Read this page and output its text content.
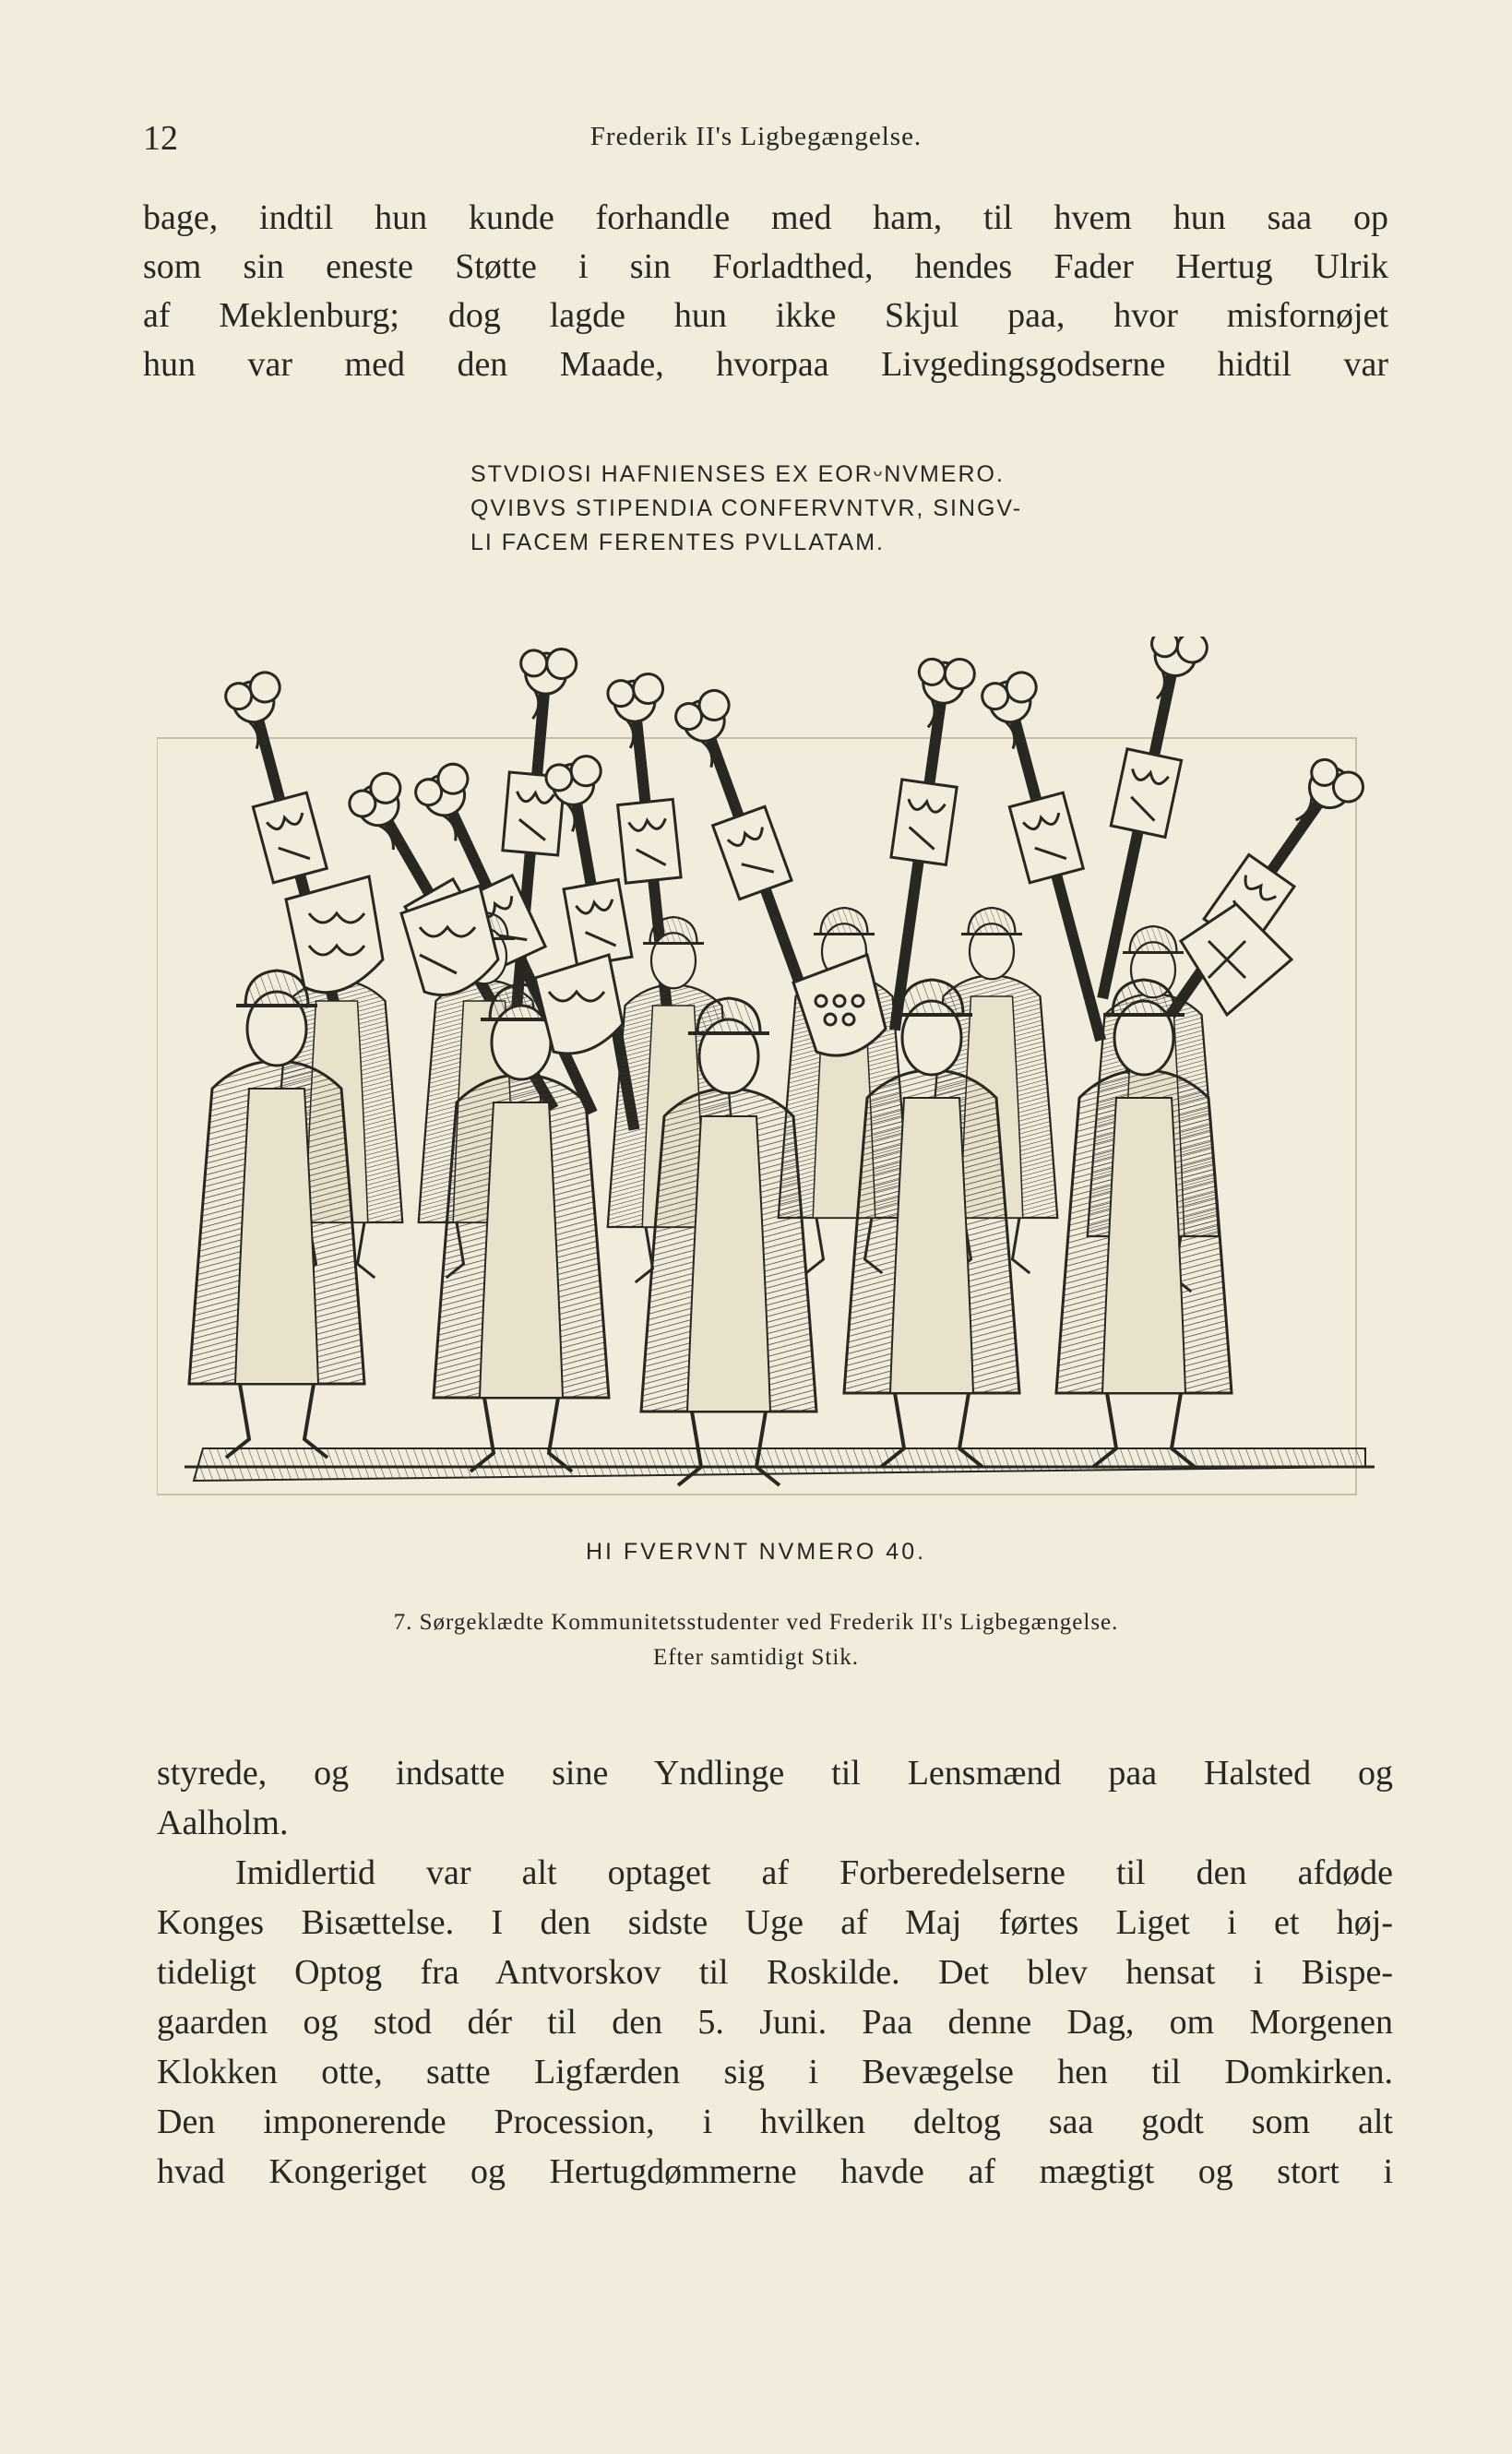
12	Frederik II's Ligbegængelse.

bage, indtil hun kunde forhandle med ham, til hvem hun saa op

som sin eneste Støtte i sin Forladthed, hendes Fader Hertug Ulrik

af Meklenburg; dog lagde hun ikke Skjul paa, hvor misfornøjet

hun var med den Maade, hvorpaa Livgedingsgodserne hidtil var

STVDIOSI HAFNIENSES EX EORᵕNVMERO.
QVIBVS STIPENDIA CONFERVNTVR, SINGV-
LI FACEM FERENTES PVLLATAM.
HI FVERVNT NVMERO 40.
7. Sørgeklædte Kommunitetsstudenter ved Frederik II's Ligbegængelse.
Efter samtidigt Stik.

styrede, og indsatte sine Yndlinge til Lensmænd paa Halsted og

Aalholm.

Imidlertid var alt optaget af Forberedelserne til den afdøde

Konges Bisættelse. I den sidste Uge af Maj førtes Liget i et høj-

tideligt Optog fra Antvorskov til Roskilde. Det blev hensat i Bispe-

gaarden og stod dér til den 5. Juni. Paa denne Dag, om Morgenen

Klokken otte, satte Ligfærden sig i Bevægelse hen til Domkirken.

Den imponerende Procession, i hvilken deltog saa godt som alt

hvad Kongeriget og Hertugdømmerne havde af mægtigt og stort i
